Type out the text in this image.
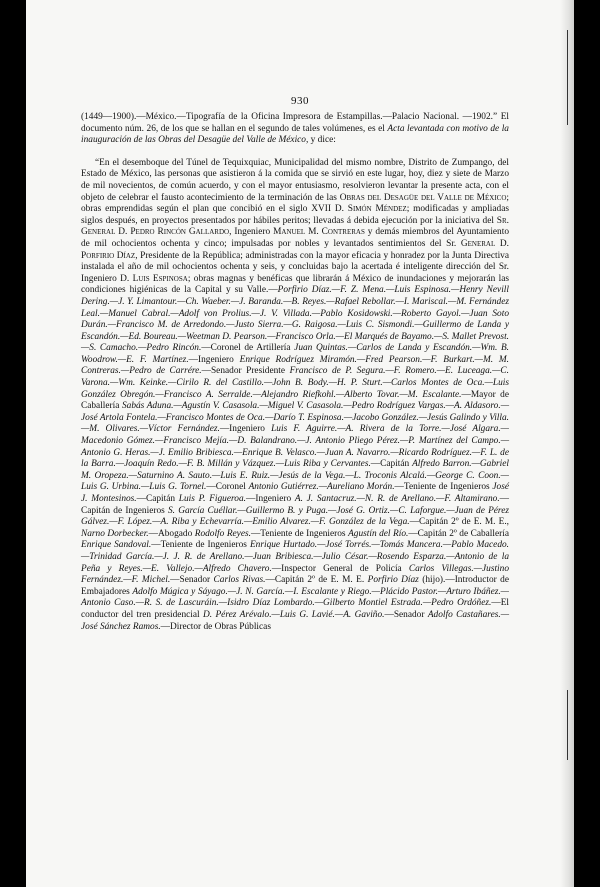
930

(1449—1900).—México.—Tipografía de la Oficina Impresora de Estampillas.—Palacio Nacional. —1902.” El documento núm. 26, de los que se hallan en el segundo de tales volúmenes, es el Acta levantada con motivo de la inauguración de las Obras del Desagüe del Valle de México, y dice:

“En el desemboque del Túnel de Tequixquiac, Municipalidad del mismo nombre, Distrito de Zumpango, del Estado de México, las personas que asistieron á la comida que se sirvió en este lugar, hoy, diez y siete de Marzo de mil novecientos, de común acuerdo, y con el mayor entusiasmo, resolvieron levantar la presente acta, con el objeto de celebrar el fausto acontecimiento de la terminación de las Obras del Desagüe del Valle de México; obras emprendidas según el plan que concibió en el siglo XVII D. Simón Méndez; modificadas y ampliadas siglos después, en proyectos presentados por hábiles peritos; llevadas á debida ejecución por la iniciativa del Sr. General D. Pedro Rincón Gallardo, Ingeniero Manuel M. Contreras y demás miembros del Ayuntamiento de mil ochocientos ochenta y cinco; impulsadas por nobles y levantados sentimientos del Sr. General D. Porfirio Díaz, Presidente de la República; administradas con la mayor eficacia y honradez por la Junta Directiva instalada el año de mil ochocientos ochenta y seis, y concluidas bajo la acertada é inteligente dirección del Sr. Ingeniero D. Luis Espinosa; obras magnas y benéficas que librarán á México de inundaciones y mejorarán las condiciones higiénicas de la Capital y su Valle.—Porfirio Díaz.—F. Z. Mena.—Luis Espinosa.—Henry Nevill Dering.—J. Y. Limantour.—Ch. Waeber.—J. Baranda.—B. Reyes.—Rafael Rebollar.—I. Mariscal.—M. Fernández Leal.—Manuel Cabral.—Adolf von Prolius.—J. V. Villada.—Pablo Kosidowski.—Roberto Gayol.—Juan Soto Durán.—Francisco M. de Arredondo.—Justo Sierra.—G. Raigosa.—Luis C. Sismondi.—Guillermo de Landa y Escandón.—Ed. Boureau.—Weetman D. Pearson.—Francisco Orla.—El Marqués de Bayamo.—S. Mallet Prevost.—S. Camacho.—Pedro Rincón.—Coronel de Artillería Juan Quintas.—Carlos de Landa y Escandón.—Wm. B. Woodrow.—E. F. Martínez.—Ingeniero Enrique Rodríguez Miramón.—Fred Pearson.—F. Burkart.—M. M. Contreras.—Pedro de Carrére.—Senador Presidente Francisco de P. Segura.—F. Romero.—E. Luceaga.—C. Varona.—Wm. Keinke.—Cirilo R. del Castillo.—John B. Body.—H. P. Sturt.—Carlos Montes de Oca.—Luis González Obregón.—Francisco A. Serralde.—Alejandro Riefkohl.—Alberto Tovar.—M. Escalante.—Mayor de Caballería Sabás Aduna.—Agustín V. Casasola.—Miguel V. Casasola.—Pedro Rodríguez Vargas.—A. Aldasoro.—José Artola Fontela.—Francisco Montes de Oca.—Darío T. Espinosa.—Jacobo González.—Jesús Galindo y Villa.—M. Olivares.—Víctor Fernández.—Ingeniero Luis F. Aguirre.—A. Rivera de la Torre.—José Algara.—Macedonio Gómez.—Francisco Mejía.—D. Balandrano.—J. Antonio Pliego Pérez.—P. Martínez del Campo.—Antonio G. Heras.—J. Emilio Bribiesca.—Enrique B. Velasco.—Juan A. Navarro.—Ricardo Rodríguez.—F. L. de la Barra.—Joaquín Redo.—F. B. Millán y Vázquez.—Luis Riba y Cervantes.—Capitán Alfredo Barron.—Gabriel M. Oropeza.—Saturnino A. Sauto.—Luis E. Ruiz.—Jesús de la Vega.—L. Troconis Alcalá.—George C. Coon.—Luis G. Urbina.—Luis G. Tornel.—Coronel Antonio Gutiérrez.—Aureliano Morán.—Teniente de Ingenieros José J. Montesinos.—Capitán Luis P. Figueroa.—Ingeniero A. J. Santacruz.—N. R. de Arellano.—F. Altamirano.—Capitán de Ingenieros S. García Cuéllar.—Guillermo B. y Puga.—José G. Ortiz.—C. Laforgue.—Juan de Pérez Gálvez.—F. López.—A. Riba y Echevarría.—Emilio Alvarez.—F. González de la Vega.—Capitán 2º de E. M. E., Narno Dorbecker.—Abogado Rodolfo Reyes.—Teniente de Ingenieros Agustín del Río.—Capitán 2º de Caballería Enrique Sandoval.—Teniente de Ingenieros Enrique Hurtado.—José Torrés.—Tomás Mancera.—Pablo Macedo.—Trinidad García.—J. J. R. de Arellano.—Juan Bribiesca.—Julio César.—Rosendo Esparza.—Antonio de la Peña y Reyes.—E. Vallejo.—Alfredo Chavero.—Inspector General de Policía Carlos Villegas.—Justino Fernández.—F. Michel.—Senador Carlos Rivas.—Capitán 2º de E. M. E. Porfirio Díaz (hijo).—Introductor de Embajadores Adolfo Múgica y Sáyago.—J. N. García.—I. Escalante y Riego.—Plácido Pastor.—Arturo Ibáñez.—Antonio Caso.—R. S. de Lascuráin.—Isidro Díaz Lombardo.—Gilberto Montiel Estrada.—Pedro Ordóñez.—El conductor del tren presidencial D. Pérez Arévalo.—Luis G. Lavié.—A. Gaviño.—Senador Adolfo Castañares.—José Sánchez Ramos.—Director de Obras Públicas
